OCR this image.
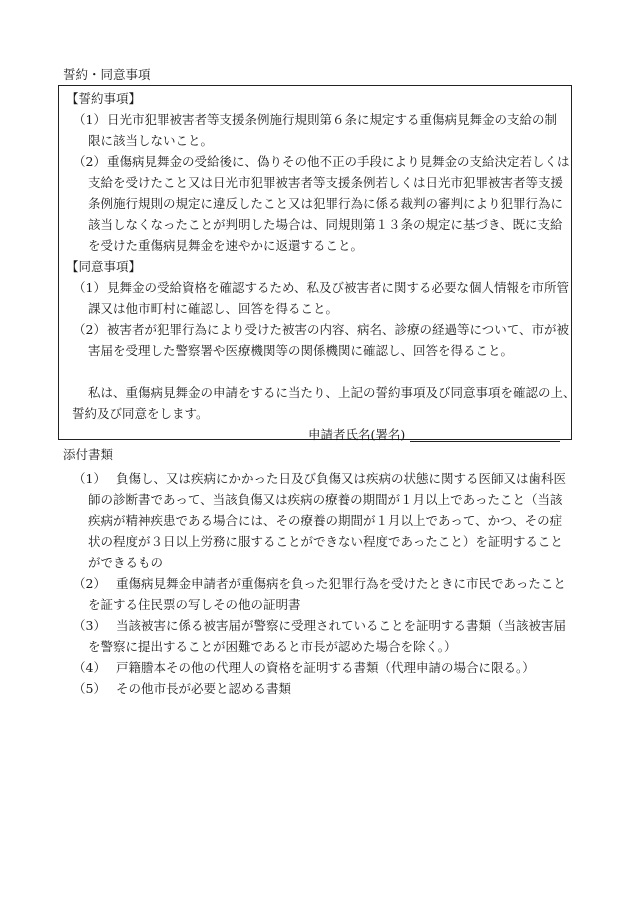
誓約・同意事項
【誓約事項】
（1） 日光市犯罪被害者等支援条例施行規則第６条に規定する重傷病見舞金の支給の制
限に該当しないこと。
（2） 重傷病見舞金の受給後に、偽りその他不正の手段により見舞金の支給決定若しくは
支給を受けたこと又は日光市犯罪被害者等支援条例若しくは日光市犯罪被害者等支援
条例施行規則の規定に違反したこと又は犯罪行為に係る裁判の審判により犯罪行為に
該当しなくなったことが判明した場合は、同規則第１３条の規定に基づき、既に支給
を受けた重傷病見舞金を速やかに返還すること。
【同意事項】
（1） 見舞金の受給資格を確認するため、私及び被害者に関する必要な個人情報を市所管
課又は他市町村に確認し、回答を得ること。
（2） 被害者が犯罪行為により受けた被害の内容、病名、診療の経過等について、市が被
害届を受理した警察署や医療機関等の関係機関に確認し、回答を得ること。
私は、重傷病見舞金の申請をするに当たり、上記の誓約事項及び同意事項を確認の上、
誓約及び同意をします。
申請者氏名(署名)
添付書類
（1） 負傷し、又は疾病にかかった日及び負傷又は疾病の状態に関する医師又は歯科医
師の診断書であって、当該負傷又は疾病の療養の期間が１月以上であったこと（当該
疾病が精神疾患である場合には、その療養の期間が１月以上であって、かつ、その症
状の程度が３日以上労務に服することができない程度であったこと）を証明すること
ができるもの
（2） 重傷病見舞金申請者が重傷病を負った犯罪行為を受けたときに市民であったこと
を証する住民票の写しその他の証明書
（3） 当該被害に係る被害届が警察に受理されていることを証明する書類（当該被害届
を警察に提出することが困難であると市長が認めた場合を除く。）
（4） 戸籍謄本その他の代理人の資格を証明する書類（代理申請の場合に限る。）
（5） その他市長が必要と認める書類
